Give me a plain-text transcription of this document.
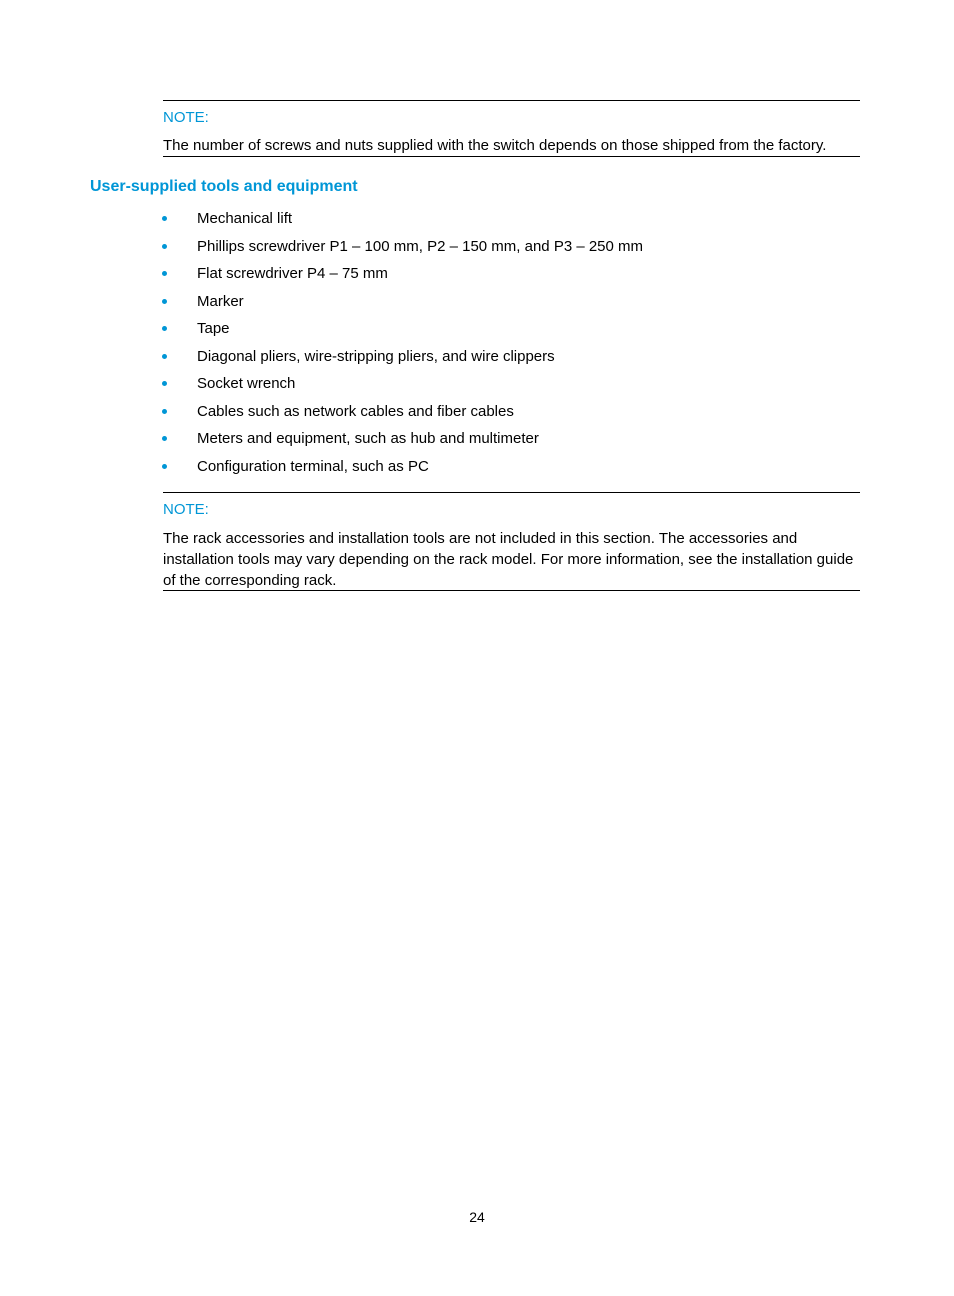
NOTE:
The number of screws and nuts supplied with the switch depends on those shipped from the factory.
User-supplied tools and equipment
Mechanical lift
Phillips screwdriver P1 – 100 mm, P2 – 150 mm, and P3 – 250 mm
Flat screwdriver P4 – 75 mm
Marker
Tape
Diagonal pliers, wire-stripping pliers, and wire clippers
Socket wrench
Cables such as network cables and fiber cables
Meters and equipment, such as hub and multimeter
Configuration terminal, such as PC
NOTE:
The rack accessories and installation tools are not included in this section. The accessories and installation tools may vary depending on the rack model. For more information, see the installation guide of the corresponding rack.
24
